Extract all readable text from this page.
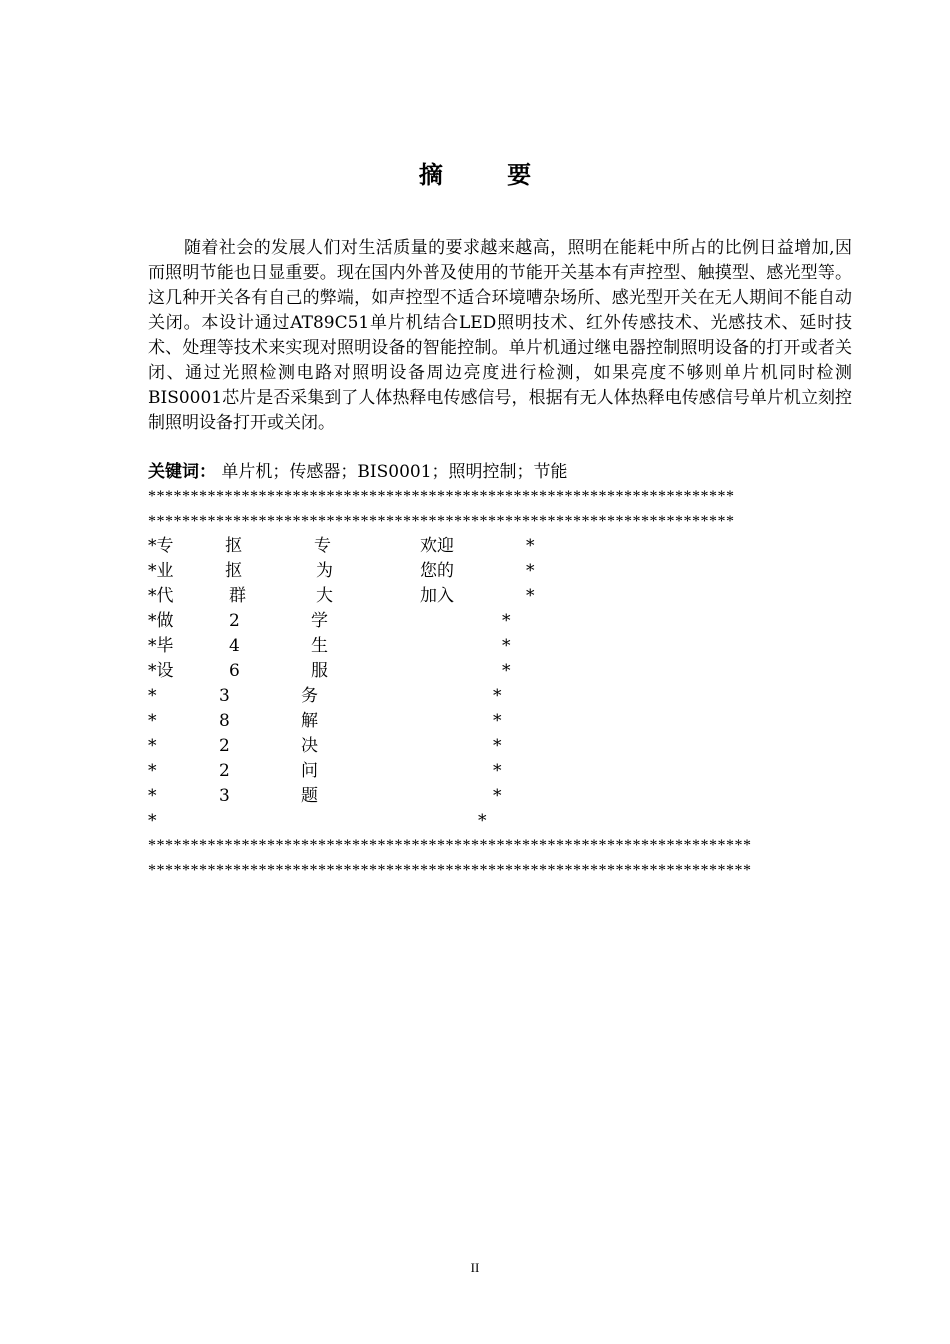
摘 要

随着社会的发展人们对生活质量的要求越来越高，照明在能耗中所占的比例日益增加,因而照明节能也日显重要。现在国内外普及使用的节能开关基本有声控型、触摸型、感光型等。这几种开关各有自己的弊端，如声控型不适合环境嘈杂场所、感光型开关在无人期间不能自动关闭。本设计通过AT89C51单片机结合LED照明技术、红外传感技术、光感技术、延时技术、处理等技术来实现对照明设备的智能控制。单片机通过继电器控制照明设备的打开或者关闭、通过光照检测电路对照明设备周边亮度进行检测，如果亮度不够则单片机同时检测BIS0001芯片是否采集到了人体热释电传感信号，根据有无人体热释电传感信号单片机立刻控制照明设备打开或关闭。

关键词： 单片机；传感器；BIS0001；照明控制；节能
*********************************************************************
*********************************************************************
*专	抠	专	欢迎	*
*业	抠	为	您的	*
*代	群	大	加入	*
*做	2	学	*
*毕	4	生	*
*设	6	服	*
*	3	务	*
*	8	解	*
*	2	决	*
*	2	问	*
*	3	题	*
*	*
***********************************************************************
***********************************************************************
II
